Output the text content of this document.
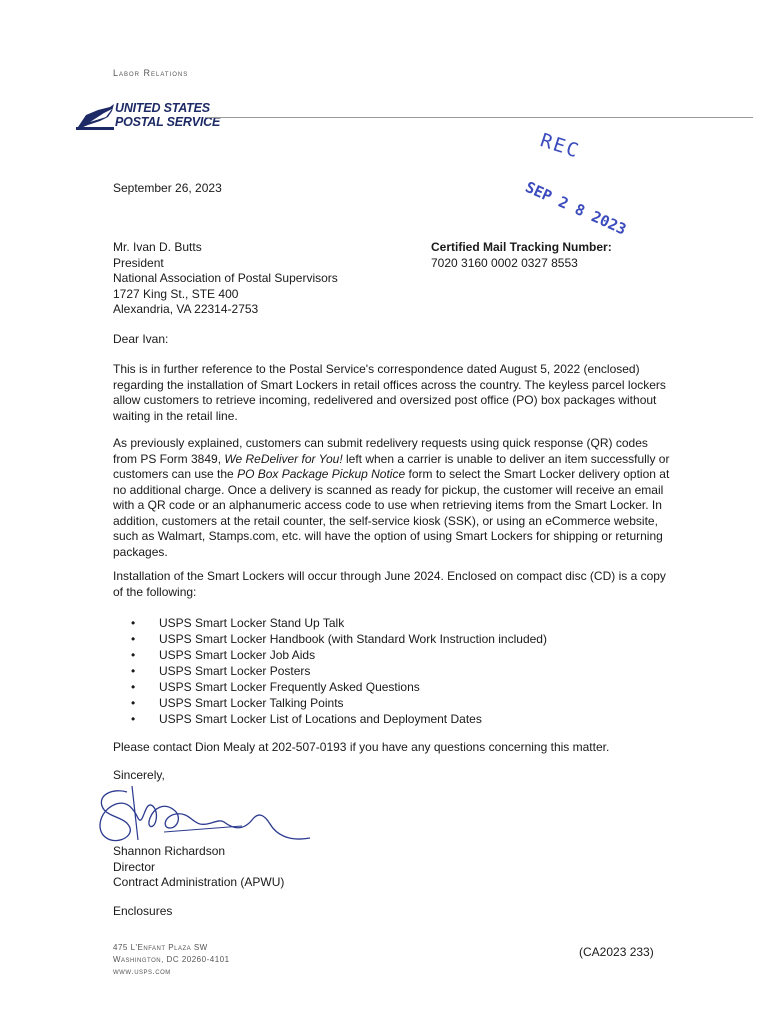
Labor Relations
UNITED STATES
POSTAL SERVICE
REC
SEP 2 8 2023
September 26, 2023
Mr. Ivan D. Butts
President
National Association of Postal Supervisors
1727 King St., STE 400
Alexandria, VA 22314-2753
Certified Mail Tracking Number:
7020 3160 0002 0327 8553
Dear Ivan:
This is in further reference to the Postal Service's correspondence dated August 5, 2022 (enclosed) regarding the installation of Smart Lockers in retail offices across the country. The keyless parcel lockers allow customers to retrieve incoming, redelivered and oversized post office (PO) box packages without waiting in the retail line.
As previously explained, customers can submit redelivery requests using quick response (QR) codes from PS Form 3849, We ReDeliver for You! left when a carrier is unable to deliver an item successfully or customers can use the PO Box Package Pickup Notice form to select the Smart Locker delivery option at no additional charge. Once a delivery is scanned as ready for pickup, the customer will receive an email with a QR code or an alphanumeric access code to use when retrieving items from the Smart Locker. In addition, customers at the retail counter, the self-service kiosk (SSK), or using an eCommerce website, such as Walmart, Stamps.com, etc. will have the option of using Smart Lockers for shipping or returning packages.
Installation of the Smart Lockers will occur through June 2024. Enclosed on compact disc (CD) is a copy of the following:
• USPS Smart Locker Stand Up Talk
• USPS Smart Locker Handbook (with Standard Work Instruction included)
• USPS Smart Locker Job Aids
• USPS Smart Locker Posters
• USPS Smart Locker Frequently Asked Questions
• USPS Smart Locker Talking Points
• USPS Smart Locker List of Locations and Deployment Dates
Please contact Dion Mealy at 202-507-0193 if you have any questions concerning this matter.
Sincerely,
Shannon Richardson
Director
Contract Administration (APWU)
Enclosures
475 L'Enfant Plaza SW
Washington, DC 20260-4101
www.usps.com
(CA2023 233)
